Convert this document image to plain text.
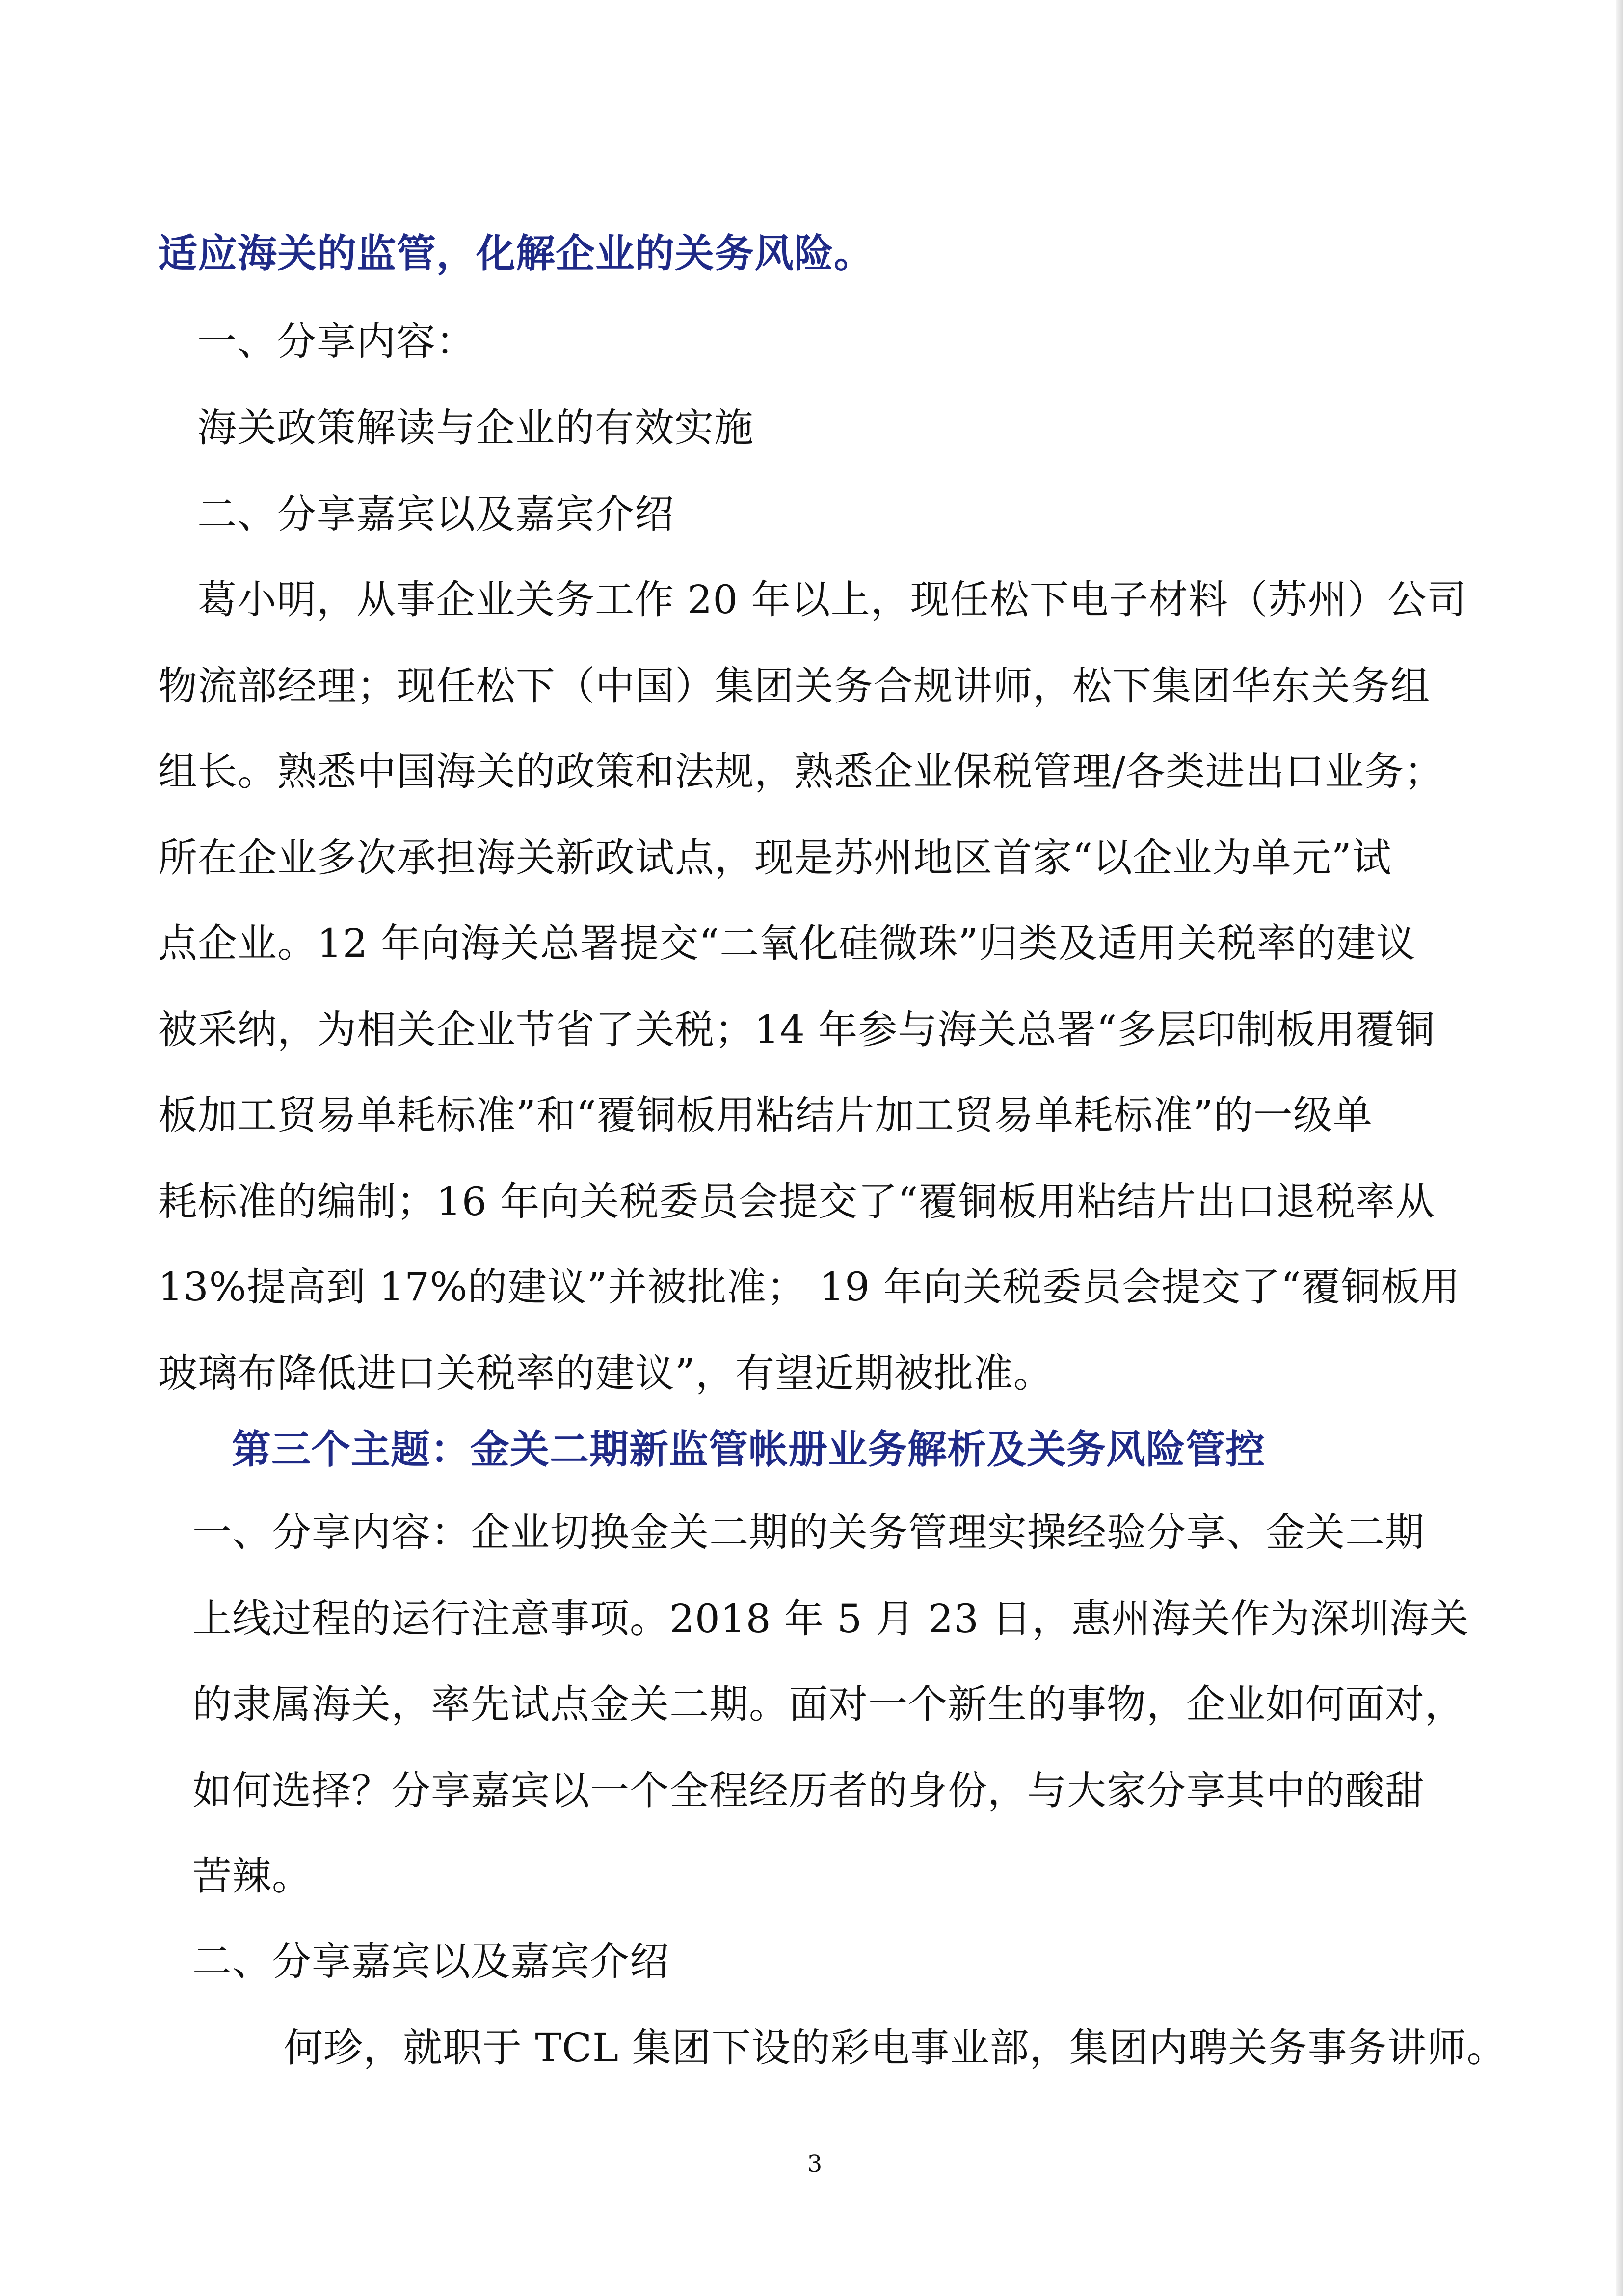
适应海关的监管，化解企业的关务风险。
一、分享内容：
海关政策解读与企业的有效实施
二、分享嘉宾以及嘉宾介绍
葛小明，从事企业关务工作 20 年以上，现任松下电子材料（苏州）公司
物流部经理；现任松下（中国）集团关务合规讲师，松下集团华东关务组
组长。熟悉中国海关的政策和法规，熟悉企业保税管理/各类进出口业务；
所在企业多次承担海关新政试点，现是苏州地区首家“以企业为单元”试
点企业。12 年向海关总署提交“二氧化硅微珠”归类及适用关税率的建议
被采纳，为相关企业节省了关税；14 年参与海关总署“多层印制板用覆铜
板加工贸易单耗标准”和“覆铜板用粘结片加工贸易单耗标准”的一级单
耗标准的编制；16 年向关税委员会提交了“覆铜板用粘结片出口退税率从
13%提高到 17%的建议”并被批准； 19 年向关税委员会提交了“覆铜板用
玻璃布降低进口关税率的建议”，有望近期被批准。
第三个主题：金关二期新监管帐册业务解析及关务风险管控
一、分享内容：企业切换金关二期的关务管理实操经验分享、金关二期
上线过程的运行注意事项。2018 年 5 月 23 日，惠州海关作为深圳海关
的隶属海关，率先试点金关二期。面对一个新生的事物，企业如何面对，
如何选择？分享嘉宾以一个全程经历者的身份，与大家分享其中的酸甜
苦辣。
二、分享嘉宾以及嘉宾介绍
何珍，就职于 TCL 集团下设的彩电事业部，集团内聘关务事务讲师。
3
